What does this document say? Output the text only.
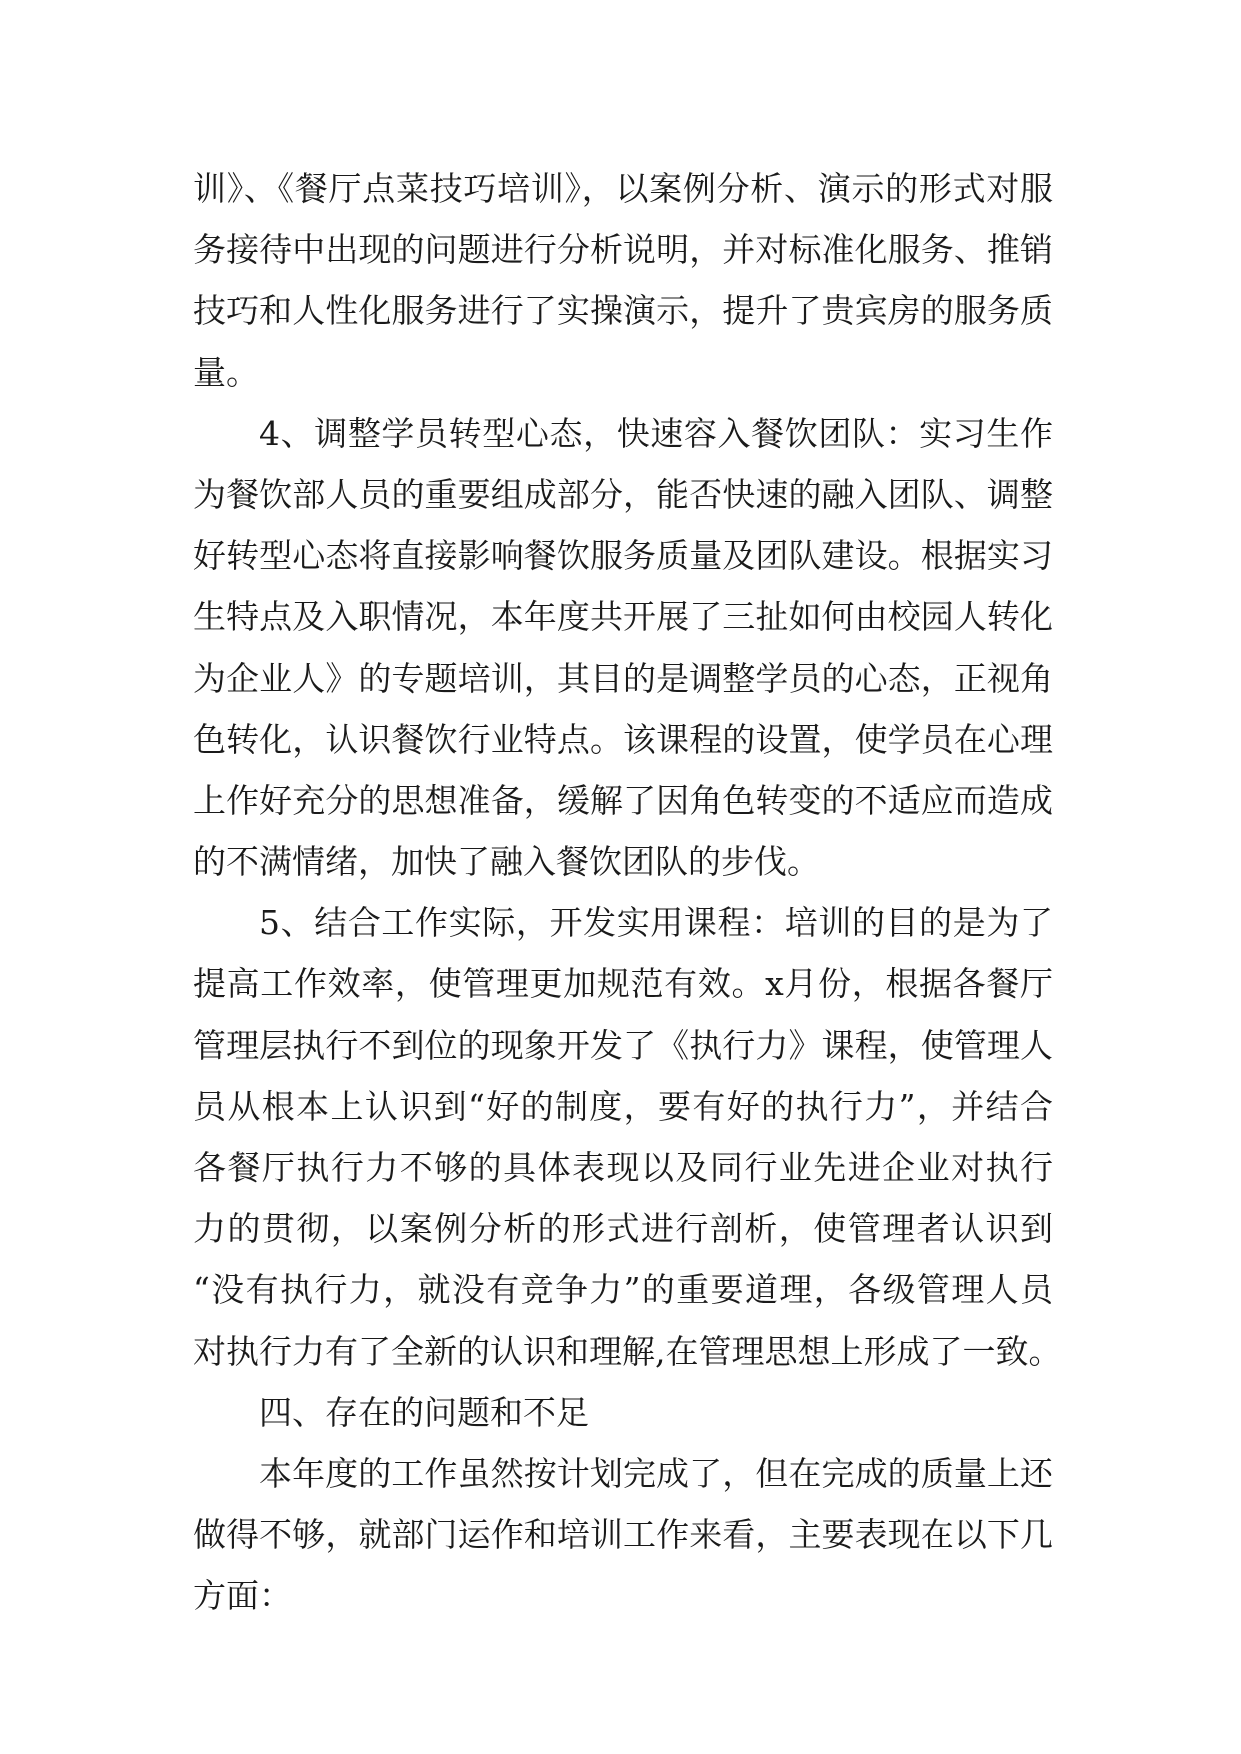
训》、《餐厅点菜技巧培训》，以案例分析、演示的形式对服
务接待中出现的问题进行分析说明，并对标准化服务、推销
技巧和人性化服务进行了实操演示，提升了贵宾房的服务质
量。
4、调整学员转型心态，快速容入餐饮团队：实习生作
为餐饮部人员的重要组成部分，能否快速的融入团队、调整
好转型心态将直接影响餐饮服务质量及团队建设。根据实习
生特点及入职情况，本年度共开展了三扯如何由校园人转化
为企业人》的专题培训，其目的是调整学员的心态，正视角
色转化，认识餐饮行业特点。该课程的设置，使学员在心理
上作好充分的思想准备，缓解了因角色转变的不适应而造成
的不满情绪，加快了融入餐饮团队的步伐。
5、结合工作实际，开发实用课程：培训的目的是为了
提高工作效率，使管理更加规范有效。x月份，根据各餐厅
管理层执行不到位的现象开发了《执行力》课程，使管理人
员从根本上认识到“好的制度，要有好的执行力”，并结合
各餐厅执行力不够的具体表现以及同行业先进企业对执行
力的贯彻，以案例分析的形式进行剖析，使管理者认识到
“没有执行力，就没有竞争力”的重要道理，各级管理人员
对执行力有了全新的认识和理解,在管理思想上形成了一致。
四、存在的问题和不足
本年度的工作虽然按计划完成了，但在完成的质量上还
做得不够，就部门运作和培训工作来看，主要表现在以下几
方面：
